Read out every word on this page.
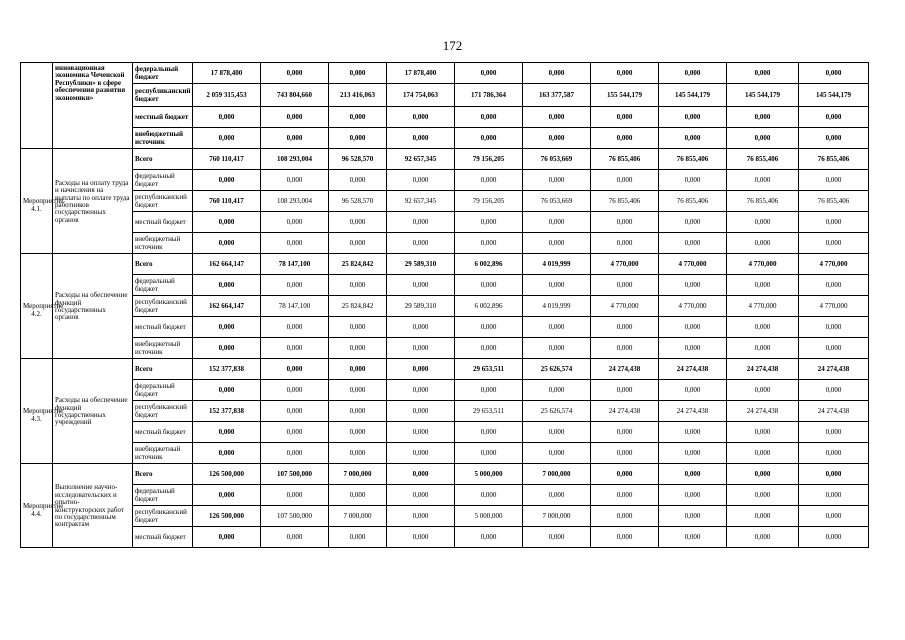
172
	инновационная экономика Чеченской Республики» в сфере обеспечения развития экономики»	федеральный бюджет	17 878,400	0,000	0,000	17 878,400	0,000	0,000	0,000	0,000	0,000	0,000
		республиканский бюджет	2 059 315,453	743 804,660	213 416,063	174 754,063	171 786,364	163 377,587	155 544,179	145 544,179	145 544,179	145 544,179
		местный бюджет	0,000	0,000	0,000	0,000	0,000	0,000	0,000	0,000	0,000	0,000
		внебюджетный источник	0,000	0,000	0,000	0,000	0,000	0,000	0,000	0,000	0,000	0,000
Мероприятие 4.1.	Расходы на оплату труда и начисления на выплаты по оплате труда работников государственных органов	Всего	760 110,417	108 293,004	96 528,570	92 657,345	79 156,205	76 053,669	76 855,406	76 855,406	76 855,406	76 855,406
		федеральный бюджет	0,000	0,000	0,000	0,000	0,000	0,000	0,000	0,000	0,000	0,000
		республиканский бюджет	760 110,417	108 293,004	96 528,570	92 657,345	79 156,205	76 053,669	76 855,406	76 855,406	76 855,406	76 855,406
		местный бюджет	0,000	0,000	0,000	0,000	0,000	0,000	0,000	0,000	0,000	0,000
		внебюджетный источник	0,000	0,000	0,000	0,000	0,000	0,000	0,000	0,000	0,000	0,000
Мероприятие 4.2.	Расходы на обеспечение функций государственных органов	Всего	162 664,147	78 147,100	25 824,842	29 589,310	6 002,896	4 019,999	4 770,000	4 770,000	4 770,000	4 770,000
		федеральный бюджет	0,000	0,000	0,000	0,000	0,000	0,000	0,000	0,000	0,000	0,000
		республиканский бюджет	162 664,147	78 147,100	25 824,842	29 589,310	6 002,896	4 019,999	4 770,000	4 770,000	4 770,000	4 770,000
		местный бюджет	0,000	0,000	0,000	0,000	0,000	0,000	0,000	0,000	0,000	0,000
		внебюджетный источник	0,000	0,000	0,000	0,000	0,000	0,000	0,000	0,000	0,000	0,000
Мероприятие 4.3.	Расходы на обеспечение функций государственных учреждений	Всего	152 377,838	0,000	0,000	0,000	29 653,511	25 626,574	24 274,438	24 274,438	24 274,438	24 274,438
		федеральный бюджет	0,000	0,000	0,000	0,000	0,000	0,000	0,000	0,000	0,000	0,000
		республиканский бюджет	152 377,838	0,000	0,000	0,000	29 653,511	25 626,574	24 274,438	24 274,438	24 274,438	24 274,438
		местный бюджет	0,000	0,000	0,000	0,000	0,000	0,000	0,000	0,000	0,000	0,000
		внебюджетный источник	0,000	0,000	0,000	0,000	0,000	0,000	0,000	0,000	0,000	0,000
Мероприятие 4.4.	Выполнение научно-исследовательских и опытно-конструкторских работ по государственным контрактам	Всего	126 500,000	107 500,000	7 000,000	0,000	5 000,000	7 000,000	0,000	0,000	0,000	0,000
		федеральный бюджет	0,000	0,000	0,000	0,000	0,000	0,000	0,000	0,000	0,000	0,000
		республиканский бюджет	126 500,000	107 500,000	7 000,000	0,000	5 000,000	7 000,000	0,000	0,000	0,000	0,000
		местный бюджет	0,000	0,000	0,000	0,000	0,000	0,000	0,000	0,000	0,000	0,000
